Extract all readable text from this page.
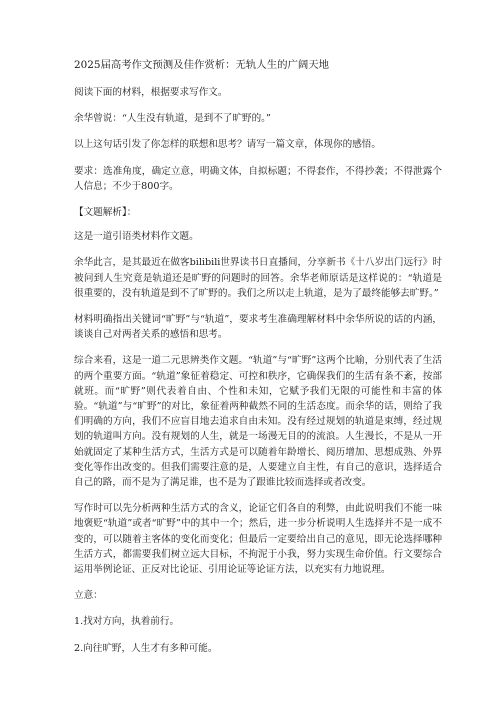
2025届高考作文预测及佳作赏析：无轨人生的广阔天地

阅读下面的材料，根据要求写作文。

余华曾说：“人生没有轨道，是到不了旷野的。”

以上这句话引发了你怎样的联想和思考？请写一篇文章，体现你的感悟。

要求：选准角度，确定立意，明确文体，自拟标题；不得套作，不得抄袭；不得泄露个人信息；不少于800字。

【文题解析】：

这是一道引语类材料作文题。

余华此言，是其最近在做客bilibili世界读书日直播间，分享新书《十八岁出门远行》时被问到人生究竟是轨道还是旷野的问题时的回答。余华老师原话是这样说的：“轨道是很重要的，没有轨道是到不了旷野的。我们之所以走上轨道，是为了最终能够去旷野。”

材料明确指出关键词“旷野”与“轨道”，要求考生准确理解材料中余华所说的话的内涵，谈谈自己对两者关系的感悟和思考。

综合来看，这是一道二元思辨类作文题。“轨道”与“旷野”这两个比喻，分别代表了生活的两个重要方面。“轨道”象征着稳定、可控和秩序，它确保我们的生活有条不紊，按部就班。而“旷野”则代表着自由、个性和未知，它赋予我们无限的可能性和丰富的体验。“轨道”与“旷野”的对比，象征着两种截然不同的生活态度。而余华的话，则给了我们明确的方向，我们不应盲目地去追求自由未知。没有经过规划的轨道是束缚，经过规划的轨道叫方向。没有规划的人生，就是一场漫无目的的流浪。人生漫长，不是从一开始就固定了某种生活方式，生活方式是可以随着年龄增长、阅历增加、思想成熟、外界变化等作出改变的。但我们需要注意的是，人要建立自主性，有自己的意识，选择适合自己的路，而不是为了满足谁，也不是为了跟谁比较而选择或者改变。

写作时可以先分析两种生活方式的含义，论证它们各自的利弊，由此说明我们不能一味地褒贬“轨道”或者“旷野”中的其中一个；然后，进一步分析说明人生选择并不是一成不变的，可以随着主客体的变化而变化；但最后一定要给出自己的意见，即无论选择哪种生活方式，都需要我们树立远大目标，不拘泥于小我，努力实现生命价值。行文要综合运用举例论证、正反对比论证、引用论证等论证方法，以充实有力地说理。

立意：

1.找对方向，执着前行。

2.向往旷野，人生才有多种可能。
